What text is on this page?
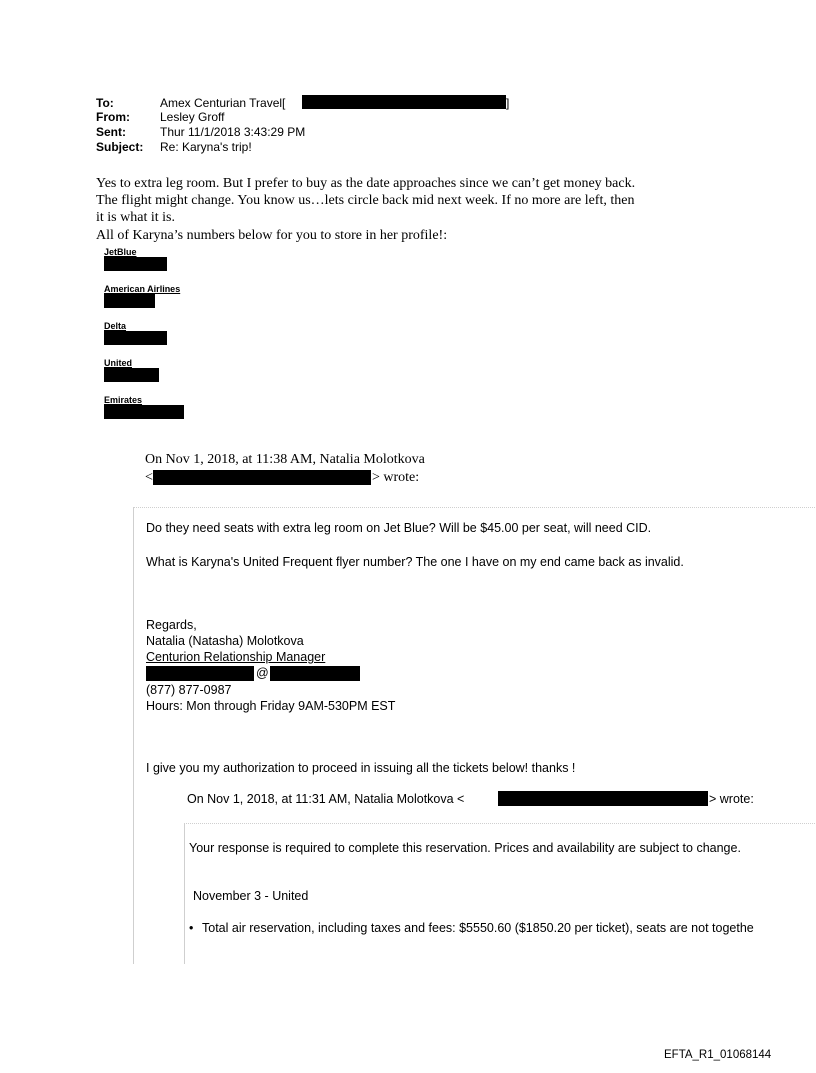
To:	Amex Centurian Travel[	]
From:	Lesley Groff
Sent:	Thur 11/1/2018 3:43:29 PM
Subject: Re: Karyna's trip!
Yes to extra leg room. But I prefer to buy as the date approaches since we can’t get money back.
The flight might change. You know us…lets circle back mid next week. If no more are left, then
it is what it is.
All of Karyna’s numbers below for you to store in her profile!:
JetBlue
American Airlines
Delta
United
Emirates
On Nov 1, 2018, at 11:38 AM, Natalia Molotkova
<	> wrote:
Do they need seats with extra leg room on Jet Blue? Will be $45.00 per seat, will need CID.
What is Karyna's United Frequent flyer number? The one I have on my end came back as invalid.
Regards,
Natalia (Natasha) Molotkova
Centurion Relationship Manager
@
(877) 877-0987
Hours: Mon through Friday 9AM-530PM EST
I give you my authorization to proceed in issuing all the tickets below! thanks !
On Nov 1, 2018, at 11:31 AM, Natalia Molotkova <	> wrote:
Your response is required to complete this reservation. Prices and availability are subject to change.
November 3 - United
• Total air reservation, including taxes and fees: $5550.60 ($1850.20 per ticket), seats are not togethe
EFTA_R1_01068144
